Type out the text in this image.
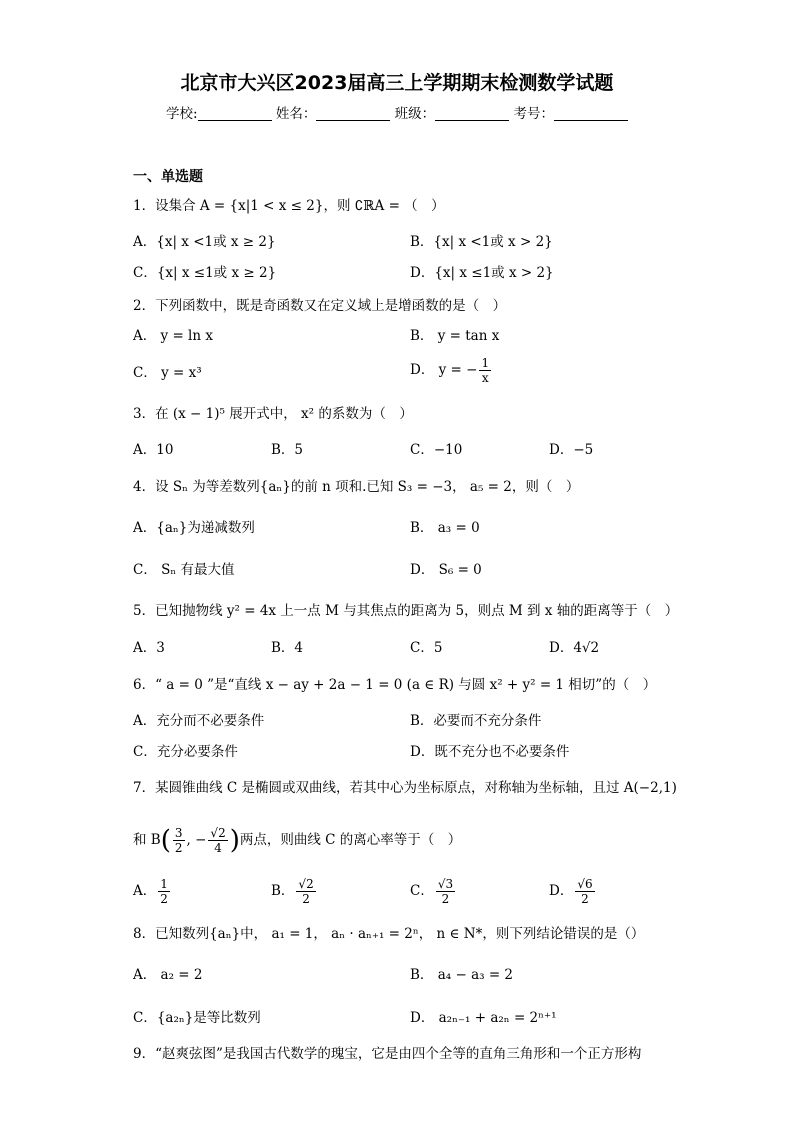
北京市大兴区2023届高三上学期期末检测数学试题
学校:	姓名：	班级：	考号：
一、单选题
1．设集合 A = {x|1 < x ≤ 2}，则 ∁ℝA = （　）
A．{x| x <1或 x ≥ 2}	B．{x| x <1或 x > 2}
C．{x| x ≤1或 x ≥ 2}	D．{x| x ≤1或 x > 2}
2．下列函数中，既是奇函数又在定义域上是增函数的是（　）
A． y = ln x	B． y = tan x
C． y = x³	D． y = − $\frac{1}{x}$
3．在 (x − 1)⁵ 展开式中， x² 的系数为（　）
A．10	B．5	C．−10	D．−5
4．设 Sₙ 为等差数列{aₙ}的前 n 项和.已知 S₃ = −3， a₅ = 2，则（　）
A．{aₙ}为递减数列	B． a₃ = 0
C． Sₙ 有最大值	D． S₆ = 0
5．已知抛物线 y² = 4x 上一点 M 与其焦点的距离为 5，则点 M 到 x 轴的距离等于（　）
A．3	B．4	C．5	D．4√2
6．“ a = 0 ”是“直线 x − ay + 2a − 1 = 0 (a ∈ R) 与圆 x² + y² = 1 相切”的（　）
A．充分而不必要条件	B．必要而不充分条件
C．充分必要条件	D．既不充分也不必要条件
7．某圆锥曲线 C 是椭圆或双曲线，若其中心为坐标原点，对称轴为坐标轴，且过 A(−2,1)
和 $B( \frac{3}{2}$ , − $\frac{√2}{4}$ )两点，则曲线 C 的离心率等于（　）
A． $\frac{1}{2}$	B． $\frac{√2}{2}$	C． $\frac{√3}{2}$	D． $\frac{√6}{2}$
8．已知数列{aₙ}中， a₁ = 1， aₙ · aₙ₊₁ = 2ⁿ， n ∈ N*，则下列结论错误的是（）
A． a₂ = 2	B． a₄ − a₃ = 2
C．{a₂ₙ}是等比数列	D． a₂ₙ₋₁ + a₂ₙ = 2ⁿ⁺¹
9．“赵爽弦图”是我国古代数学的瑰宝，它是由四个全等的直角三角形和一个正方形构
